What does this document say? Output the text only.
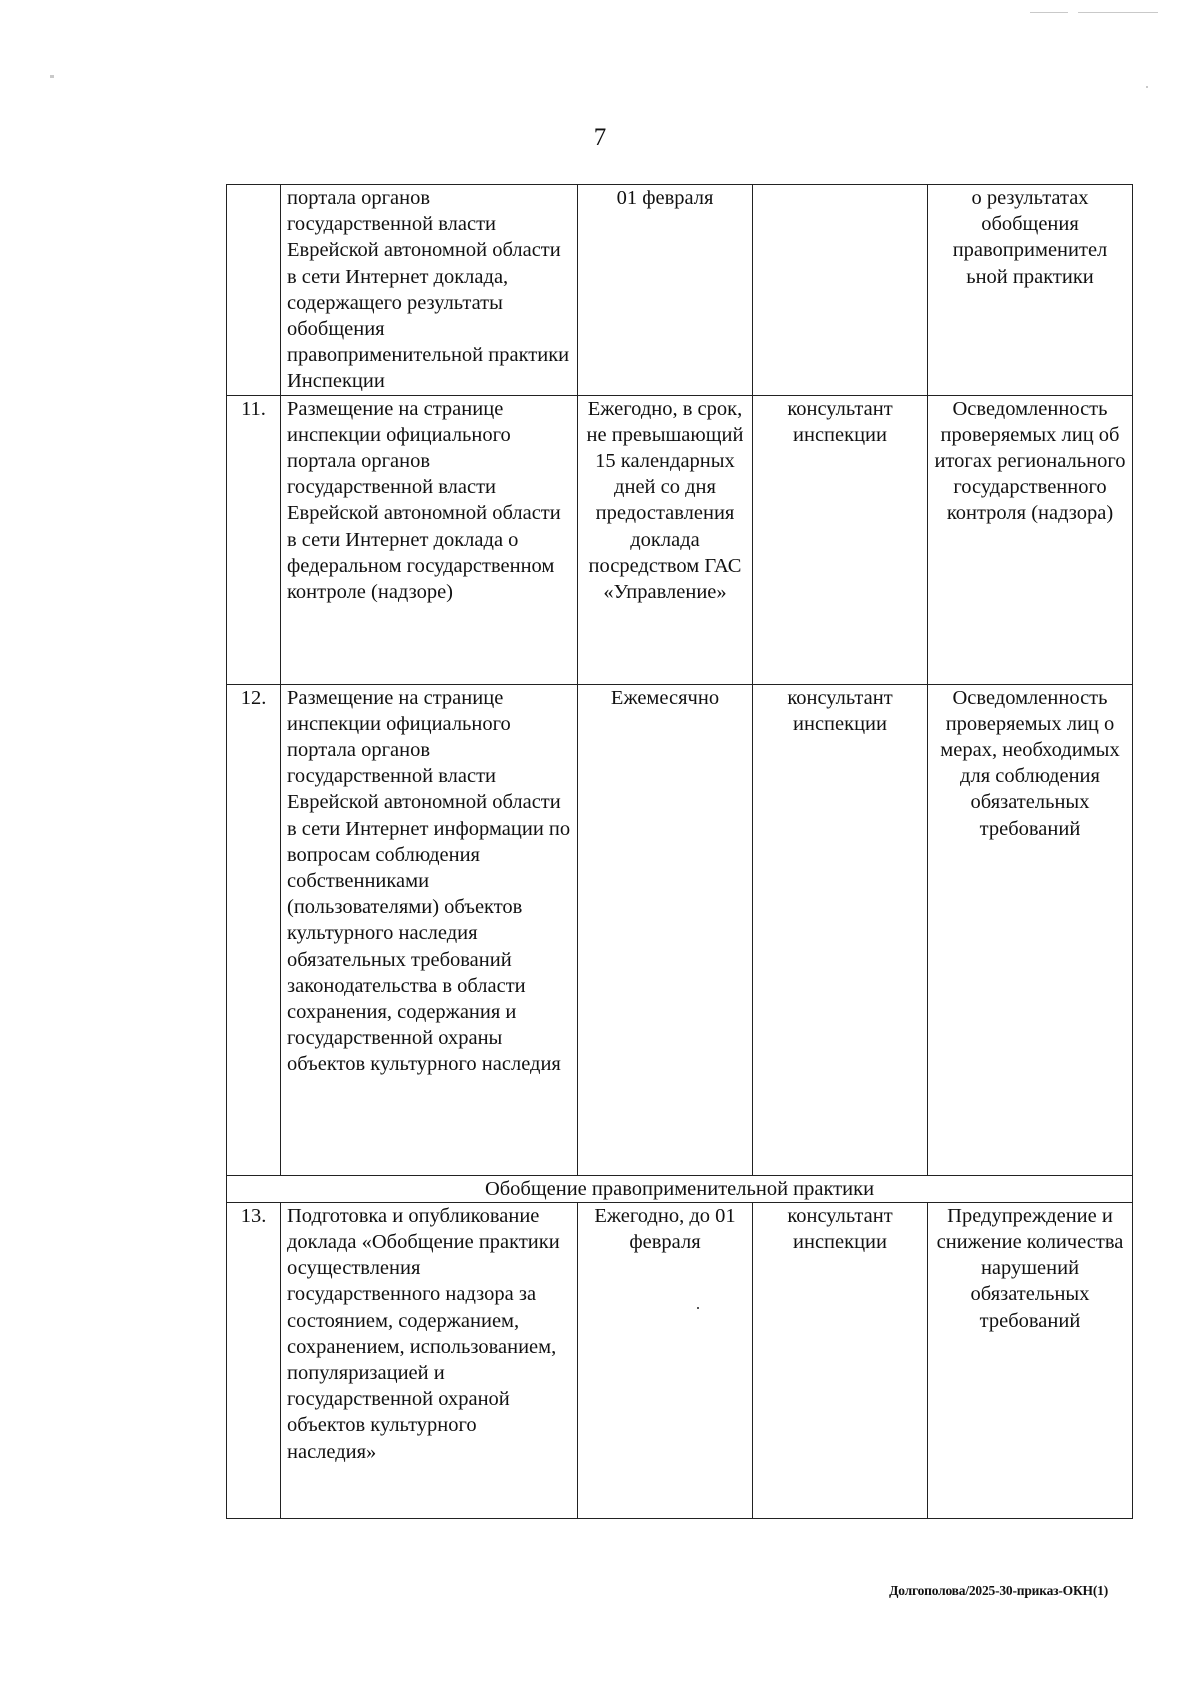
7
	портала органов государственной власти Еврейской автономной области в сети Интернет доклада, содержащего результаты обобщения правоприменительной практики Инспекции	01 февраля		о результатах обобщения правоприменител ьной практики
11.	Размещение на странице инспекции официального портала органов государственной власти Еврейской автономной области в сети Интернет доклада о федеральном государственном контроле (надзоре)	Ежегодно, в срок, не превышающий 15 календарных дней со дня предоставления доклада посредством ГАС «Управление»	консультант инспекции	Осведомленность проверяемых лиц об итогах регионального государственного контроля (надзора)
12.	Размещение на странице инспекции официального портала органов государственной власти Еврейской автономной области в сети Интернет информации по вопросам соблюдения собственниками (пользователями) объектов культурного наследия обязательных требований законодательства в области сохранения, содержания и государственной охраны объектов культурного наследия	Ежемесячно	консультант инспекции	Осведомленность проверяемых лиц о мерах, необходимых для соблюдения обязательных требований
Обобщение правоприменительной практики				
13.	Подготовка и опубликование доклада «Обобщение практики осуществления государственного надзора за состоянием, содержанием, сохранением, использованием, популяризацией и государственной охраной объектов культурного наследия»	Ежегодно, до 01 февраля	консультант инспекции	Предупреждение и снижение количества нарушений обязательных требований
Долгополова/2025-30-приказ-ОКН(1)
